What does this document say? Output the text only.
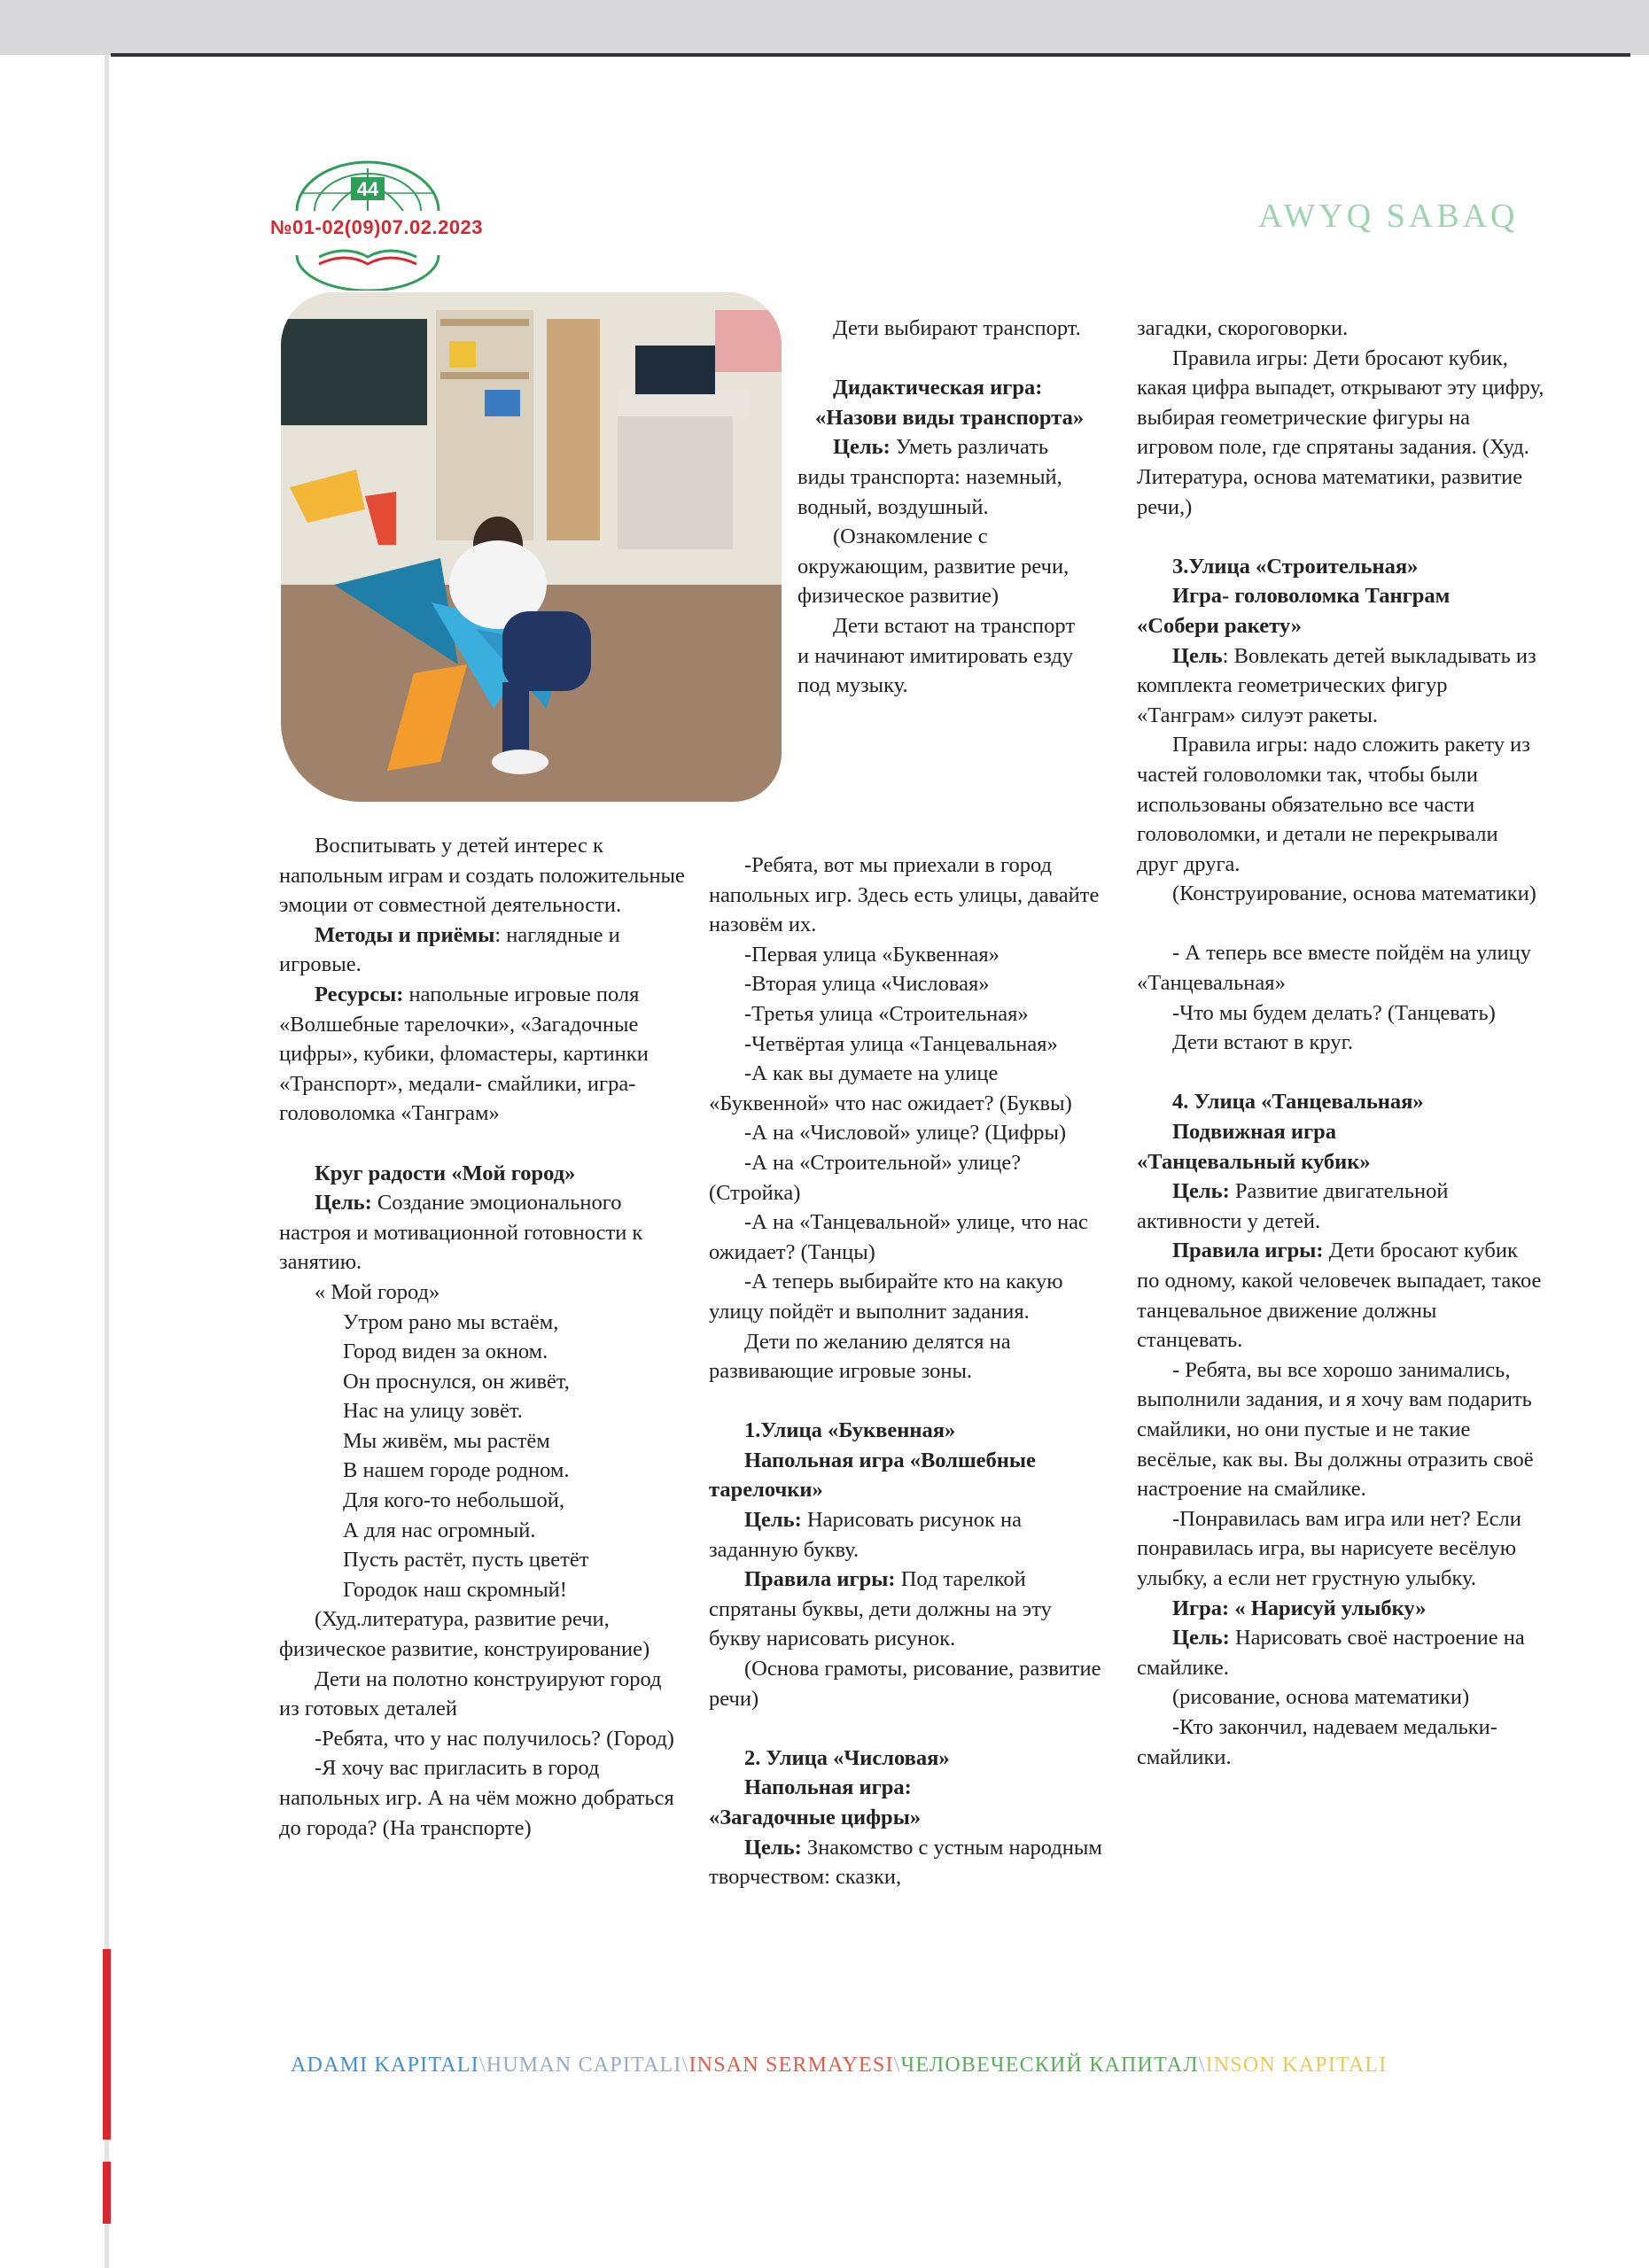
44
№01-02(09)07.02.2023	AWYQ SABAQ

Воспитывать у детей интерес к напольным играм и создать положительные эмоции от совместной деятельности.

Методы и приёмы: наглядные и игровые.

Ресурсы: напольные игровые поля «Волшебные тарелочки», «Загадочные цифры», кубики, фломастеры, картинки «Транспорт», медали- смайлики, игра-головоломка «Танграм»

Круг радости «Мой город»

Цель: Создание эмоционального настроя и мотивационной готовности к занятию.

« Мой город»

Утром рано мы встаём,

Город виден за окном.

Он проснулся, он живёт,

Нас на улицу зовёт.

Мы живём, мы растём

В нашем городе родном.

Для кого-то небольшой,

А для нас огромный.

Пусть растёт, пусть цветёт

Городок наш скромный!

(Худ.литература, развитие речи, физическое развитие, конструирование)

Дети на полотно конструируют город из готовых деталей

-Ребята, что у нас получилось? (Город)

-Я хочу вас пригласить в город напольных игр. А на чём можно добраться до города? (На транспорте)

Дети выбирают транспорт.

Дидактическая игра:

«Назови виды транспорта»

Цель: Уметь различать виды транспорта: наземный, водный, воздушный.

(Ознакомление с окружающим, развитие речи, физическое развитие)

Дети встают на транспорт и начинают имитировать езду под музыку.

-Ребята, вот мы приехали в город напольных игр. Здесь есть улицы, давайте назовём их.

-Первая улица «Буквенная»

-Вторая улица «Числовая»

-Третья улица «Строительная»

-Четвёртая улица «Танцевальная»

-А как вы думаете на улице «Буквенной» что нас ожидает? (Буквы)

-А на «Числовой» улице? (Цифры)

-А на «Строительной» улице? (Стройка)

-А на «Танцевальной» улице, что нас ожидает? (Танцы)

-А теперь выбирайте кто на какую улицу пойдёт и выполнит задания.

Дети по желанию делятся на развивающие игровые зоны.

1.Улица «Буквенная»

Напольная игра «Волшебные тарелочки»

Цель: Нарисовать рисунок на заданную букву.

Правила игры: Под тарелкой спрятаны буквы, дети должны на эту букву нарисовать рисунок.

(Основа грамоты, рисование, развитие речи)

2. Улица «Числовая»

Напольная игра:

«Загадочные цифры»

Цель: Знакомство с устным народным творчеством: сказки,

загадки, скороговорки.

Правила игры: Дети бросают кубик, какая цифра выпадет, открывают эту цифру, выбирая геометрические фигуры на игровом поле, где спрятаны задания. (Худ. Литература, основа математики, развитие речи,)

3.Улица «Строительная»

Игра- головоломка Танграм

«Собери ракету»

Цель: Вовлекать детей выкладывать из комплекта геометрических фигур «Танграм» силуэт ракеты.

Правила игры: надо сложить ракету из частей головоломки так, чтобы были использованы обязательно все части головоломки, и детали не перекрывали друг друга.

(Конструирование, основа математики)

- А теперь все вместе пойдём на улицу «Танцевальная»

-Что мы будем делать? (Танцевать)

Дети встают в круг.

4. Улица «Танцевальная»

Подвижная игра

«Танцевальный кубик»

Цель: Развитие двигательной активности у детей.

Правила игры: Дети бросают кубик по одному, какой человечек выпадает, такое танцевальное движение должны станцевать.

- Ребята, вы все хорошо занимались, выполнили задания, и я хочу вам подарить смайлики, но они пустые и не такие весёлые, как вы. Вы должны отразить своё настроение на смайлике.

-Понравилась вам игра или нет? Если понравилась игра, вы нарисуете весёлую улыбку, а если нет грустную улыбку.

Игра: « Нарисуй улыбку»

Цель: Нарисовать своё настроение на смайлике.

(рисование, основа математики)

-Кто закончил, надеваем медальки-смайлики.

ADAMI KAPITALI\HUMAN CAPITALI\INSAN SERMAYESI\ЧЕЛОВЕЧЕСКИЙ КАПИТАЛ\INSON KAPITALI
